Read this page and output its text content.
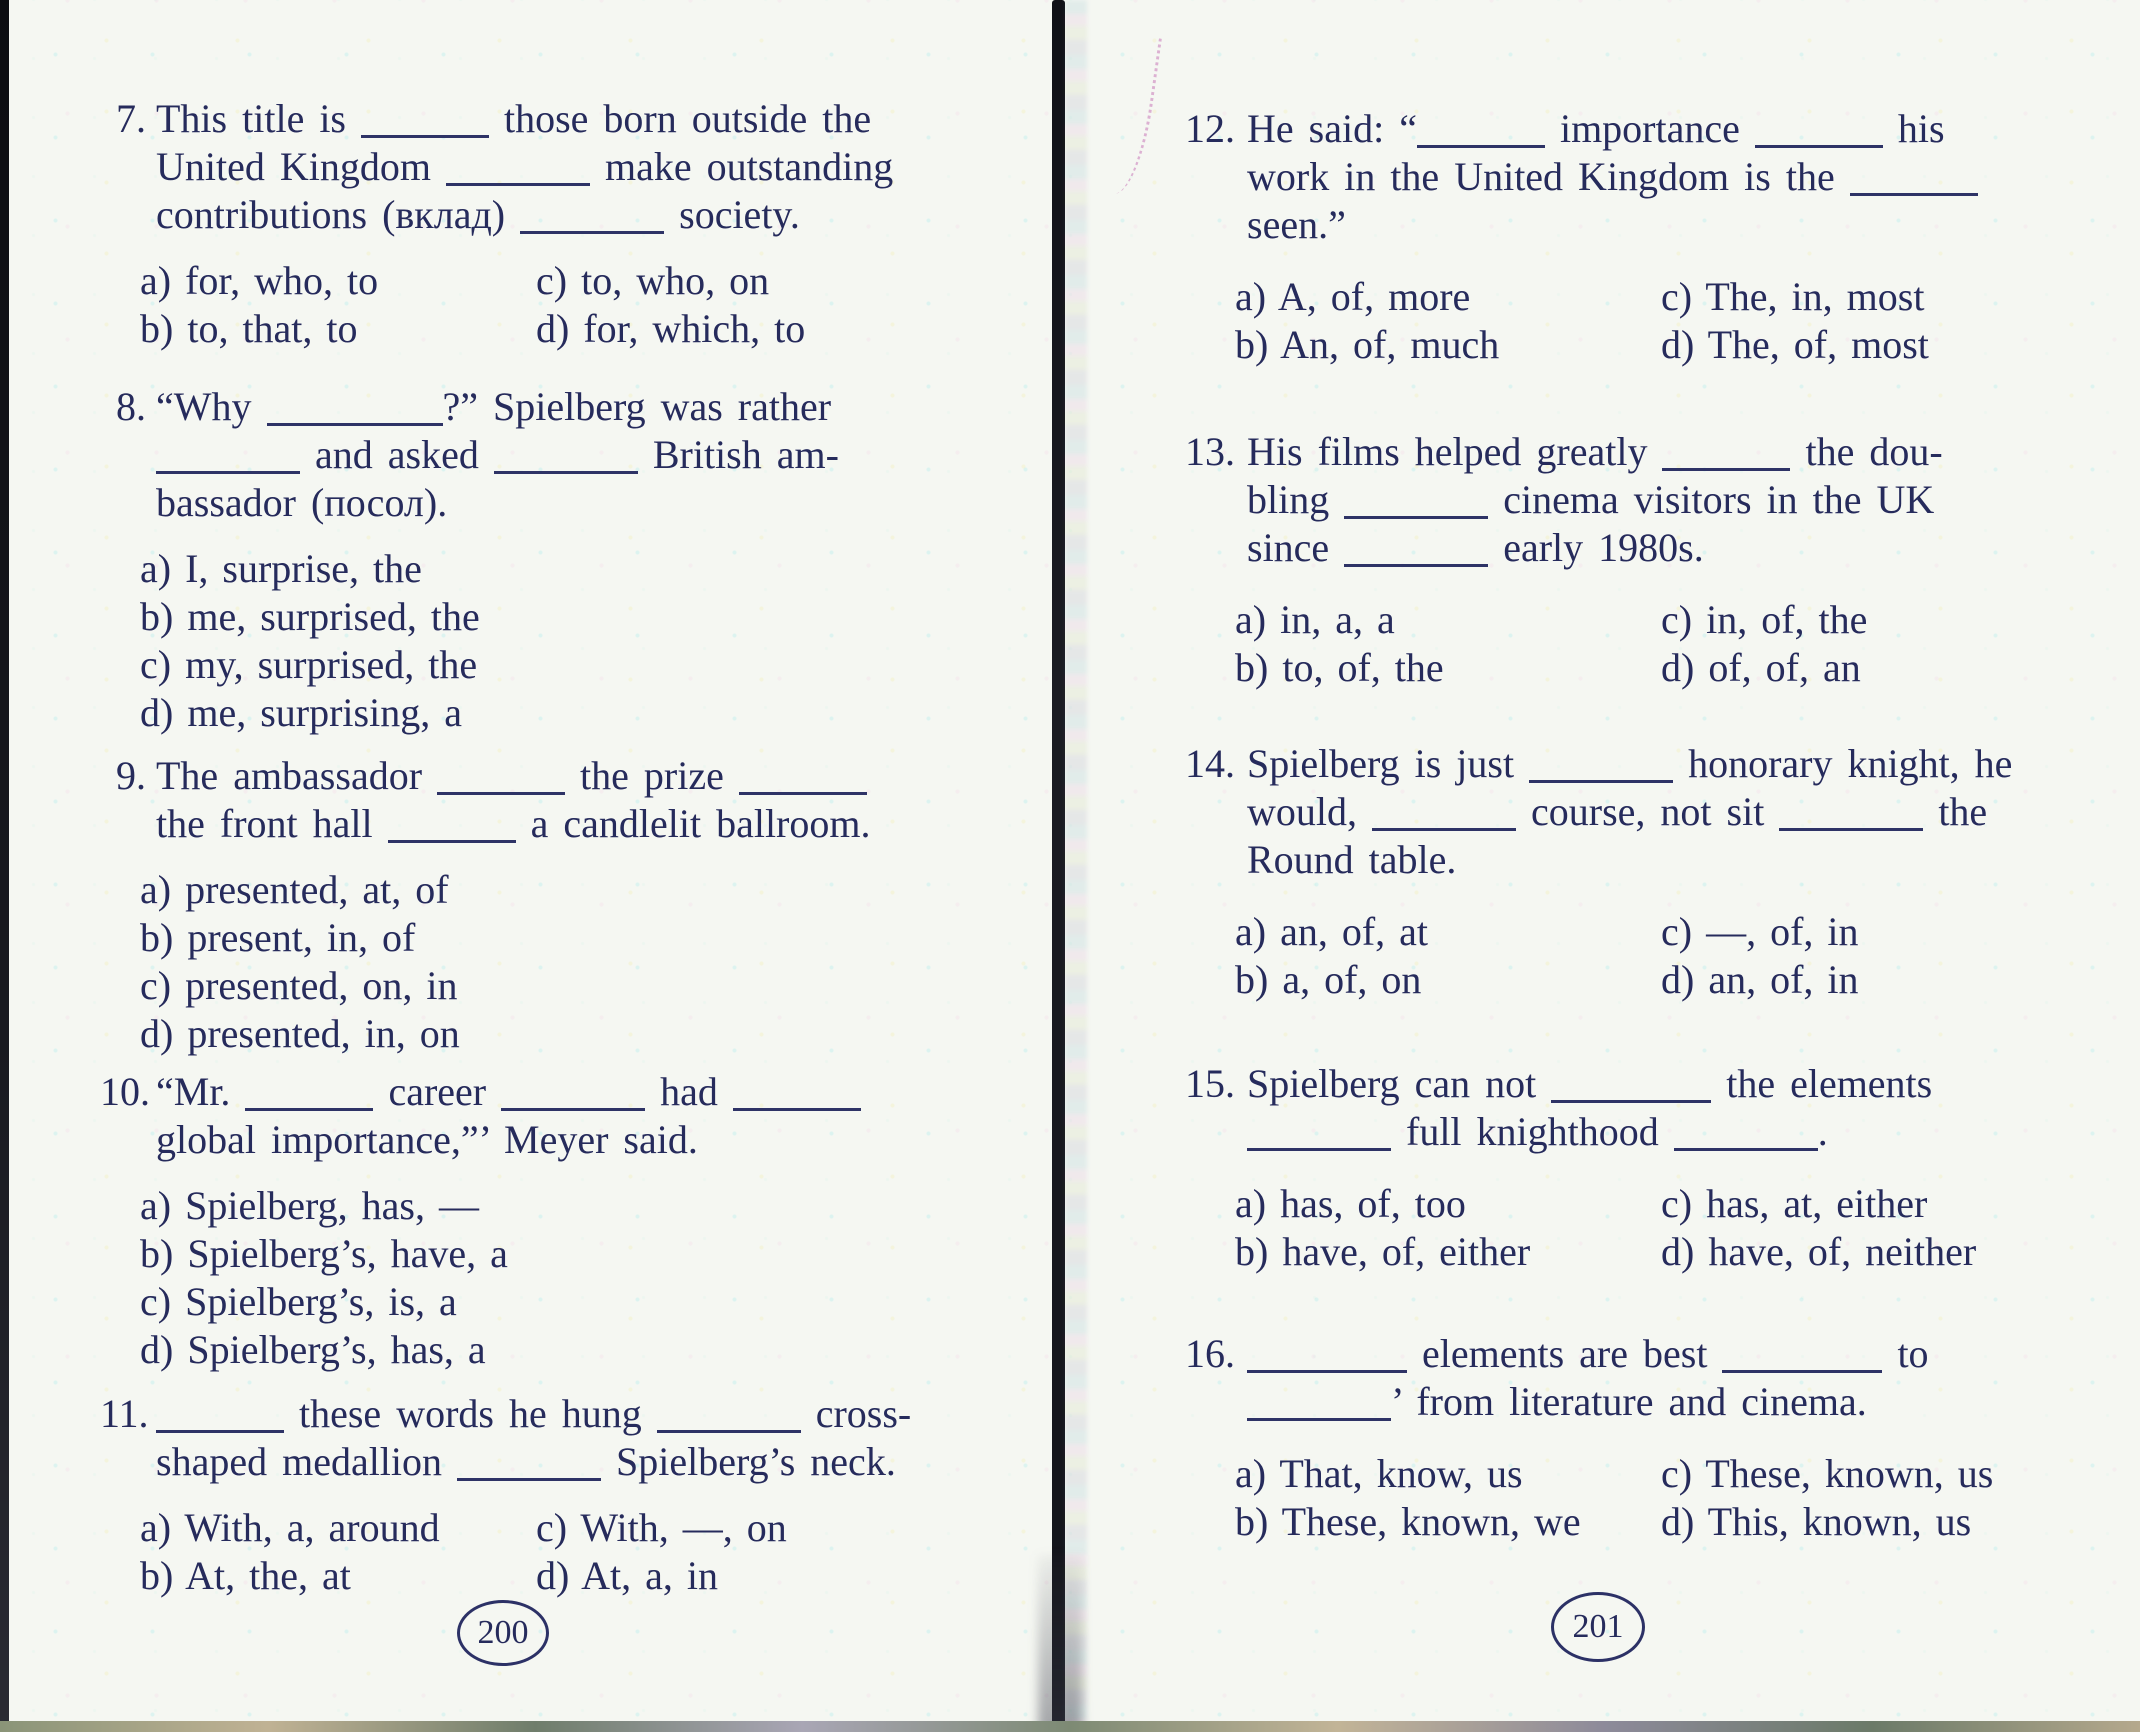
7. This title is	those born outside the
United Kingdom	make outstanding
contributions (вклад)	society.
a) for, who, to	c) to, who, on
b) to, that, to	d) for, which, to
8. “Why	?” Spielberg was rather
and asked	British am-
bassador (посол).
a) I, surprise, the
b) me, surprised, the
c) my, surprised, the
d) me, surprising, a
9. The ambassador	the prize
the front hall	a candlelit ballroom.
a) presented, at, of
b) present, in, of
c) presented, on, in
d) presented, in, on
10. “Mr.	career	had
global importance,”’ Meyer said.
a) Spielberg, has, —
b) Spielberg’s, have, a
c) Spielberg’s, is, a
d) Spielberg’s, has, a
11.	these words he hung	cross-
shaped medallion	Spielberg’s neck.
a) With, a, around	c) With, —, on
b) At, the, at	d) At, a, in
12. He said: “	importance	his
work in the United Kingdom is the
seen.”
a) A, of, more	c) The, in, most
b) An, of, much	d) The, of, most
13. His films helped greatly	the dou-
bling	cinema visitors in the UK
since	early 1980s.
a) in, a, a	c) in, of, the
b) to, of, the	d) of, of, an
14. Spielberg is just	honorary knight, he
would,	course, not sit	the
Round table.
a) an, of, at	c) —, of, in
b) a, of, on	d) an, of, in
15. Spielberg can not	the elements
full knighthood	.
a) has, of, too	c) has, at, either
b) have, of, either	d) have, of, neither
16.	elements are best	to
’ from literature and cinema.
a) That, know, us	c) These, known, us
b) These, known, we	d) This, known, us
200	201
